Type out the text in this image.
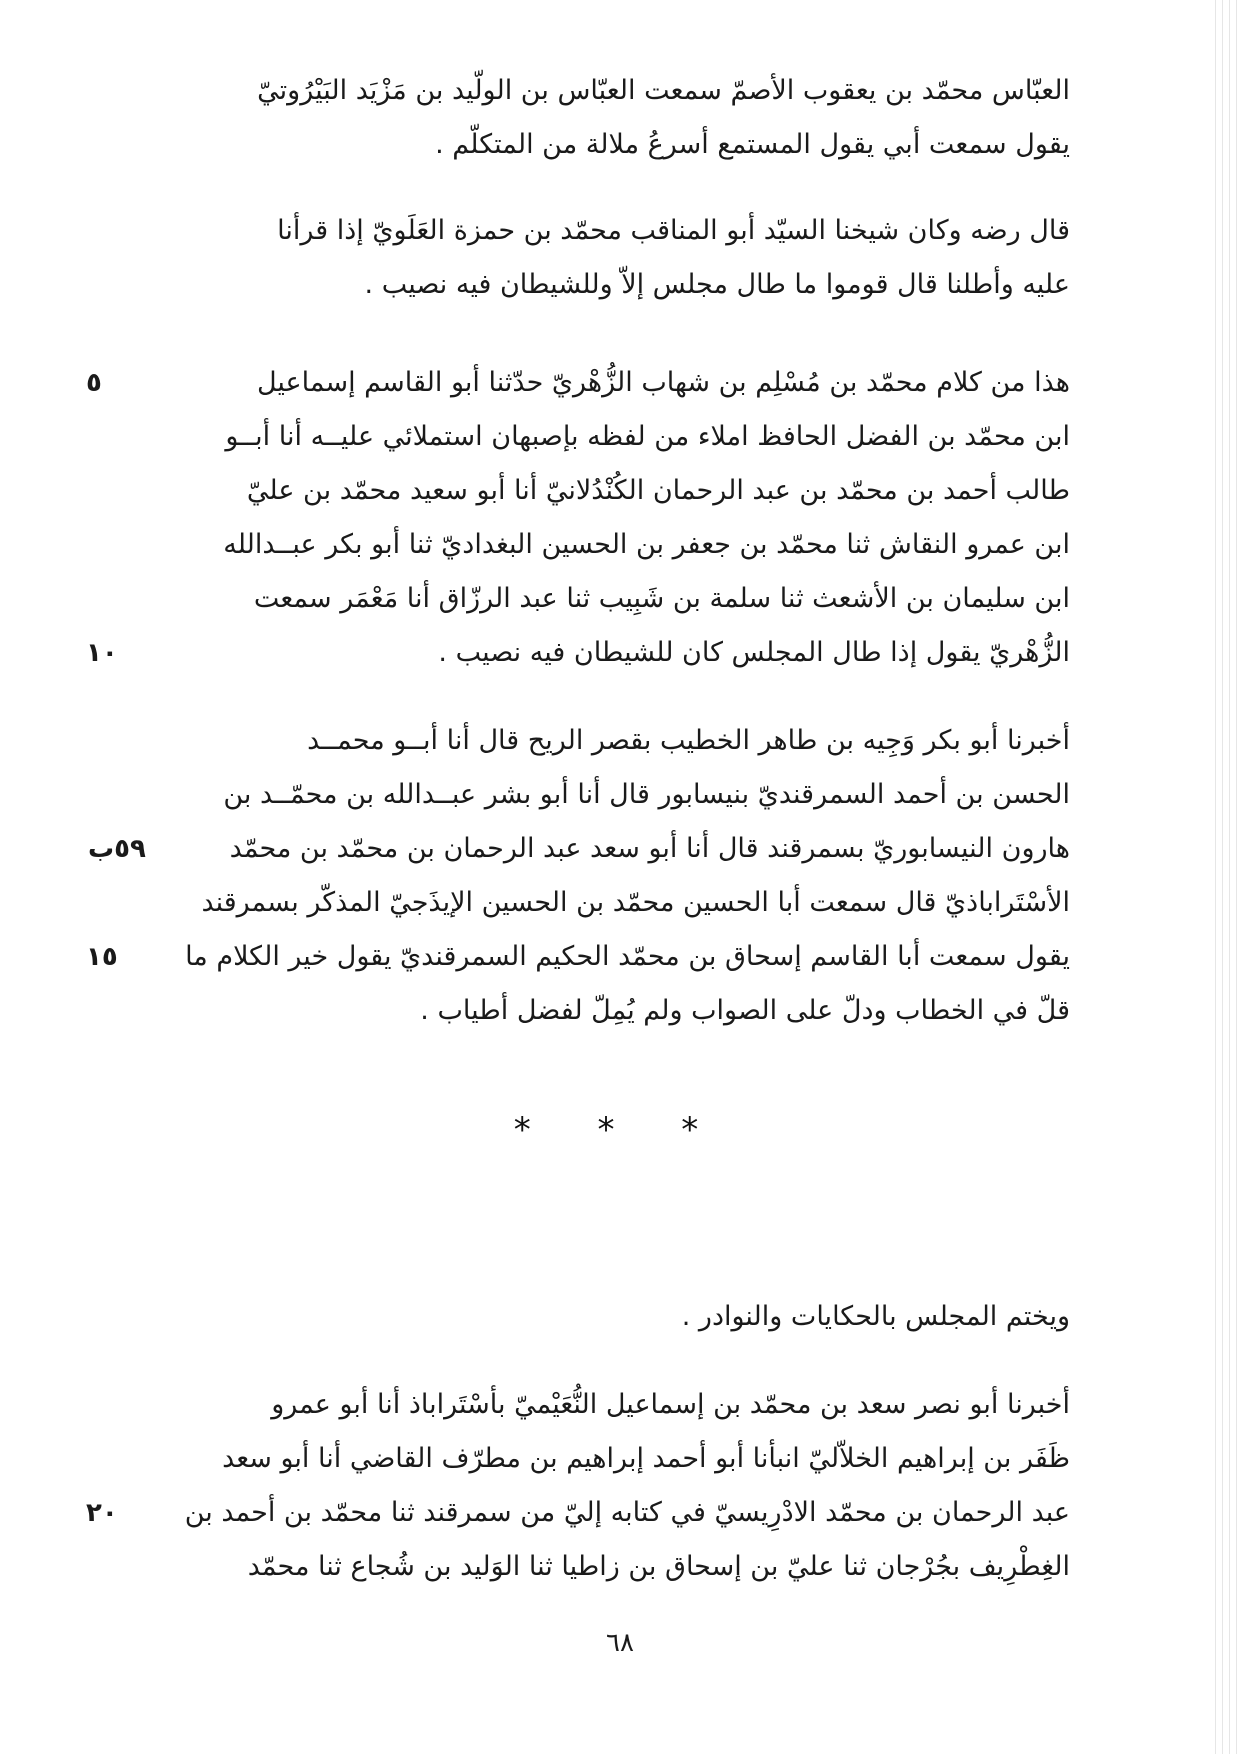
العبّاس محمّد بن يعقوب الأصمّ سمعت العبّاس بن الولّيد بن مَزْيَد البَيْرُوتيّ
يقول سمعت أبي يقول المستمع أسرعُ ملالة من المتكلّم .
قال رضه وكان شيخنا السيّد أبو المناقب محمّد بن حمزة العَلَويّ إذا قرأنا
عليه وأطلنا قال قوموا ما طال مجلس إلاّ وللشيطان فيه نصيب .
هذا من كلام محمّد بن مُسْلِم بن شهاب الزُّهْريّ حدّثنا أبو القاسم إسماعيل
ابن محمّد بن الفضل الحافظ املاء من لفظه بإصبهان استملائي عليــه أنا أبــو
طالب أحمد بن محمّد بن عبد الرحمان الكُنْدُلانيّ أنا أبو سعيد محمّد بن عليّ
ابن عمرو النقاش ثنا محمّد بن جعفر بن الحسين البغداديّ ثنا أبو بكر عبــدالله
ابن سليمان بن الأشعث ثنا سلمة بن شَبِيب ثنا عبد الرزّاق أنا مَعْمَر سمعت
الزُّهْريّ يقول إذا طال المجلس كان للشيطان فيه نصيب .
٥
١٠
أخبرنا أبو بكر وَجِيه بن طاهر الخطيب بقصر الريح قال أنا أبــو محمــد
الحسن بن أحمد السمرقنديّ بنيسابور قال أنا أبو بشر عبــدالله بن محمّــد بن
هارون النيسابوريّ بسمرقند قال أنا أبو سعد عبد الرحمان بن محمّد بن محمّد
الأسْتَراباذيّ قال سمعت أبا الحسين محمّد بن الحسين الإيذَجيّ المذكّر بسمرقند
يقول سمعت أبا القاسم إسحاق بن محمّد الحكيم السمرقنديّ يقول خير الكلام ما
قلّ في الخطاب ودلّ على الصواب ولم يُمِلّ لفضل أطياب .
٥٩ب
١٥
* * *
ويختم المجلس بالحكايات والنوادر .
أخبرنا أبو نصر سعد بن محمّد بن إسماعيل النُّعَيْميّ بأسْتَراباذ أنا أبو عمرو
ظَفَر بن إبراهيم الخلاّليّ انبأنا أبو أحمد إبراهيم بن مطرّف القاضي أنا أبو سعد
عبد الرحمان بن محمّد الادْرِيسيّ في كتابه إليّ من سمرقند ثنا محمّد بن أحمد بن
الغِطْرِيف بجُرْجان ثنا عليّ بن إسحاق بن زاطيا ثنا الوَليد بن شُجاع ثنا محمّد
٢٠
٦٨
